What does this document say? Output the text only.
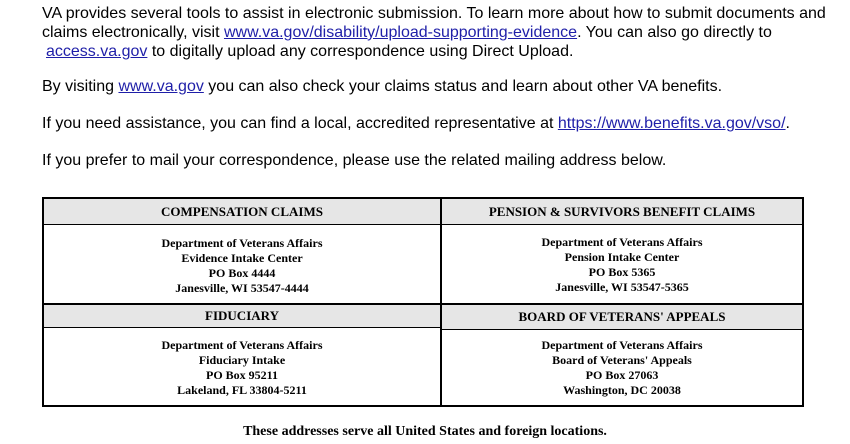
VA provides several tools to assist in electronic submission. To learn more about how to submit documents and

claims electronically, visit www.va.gov/disability/upload-supporting-evidence. You can also go directly to

access.va.gov to digitally upload any correspondence using Direct Upload.

By visiting www.va.gov you can also check your claims status and learn about other VA benefits.

If you need assistance, you can find a local, accredited representative at https://www.benefits.va.gov/vso/.

If you prefer to mail your correspondence, please use the related mailing address below.

COMPENSATION CLAIMS
Department of Veterans Affairs
Evidence Intake Center
PO Box 4444
Janesville, WI 53547-4444
PENSION & SURVIVORS BENEFIT CLAIMS
Department of Veterans Affairs
Pension Intake Center
PO Box 5365
Janesville, WI 53547-5365
FIDUCIARY
Department of Veterans Affairs
Fiduciary Intake
PO Box 95211
Lakeland, FL 33804-5211
BOARD OF VETERANS' APPEALS
Department of Veterans Affairs
Board of Veterans' Appeals
PO Box 27063
Washington, DC 20038
These addresses serve all United States and foreign locations.
